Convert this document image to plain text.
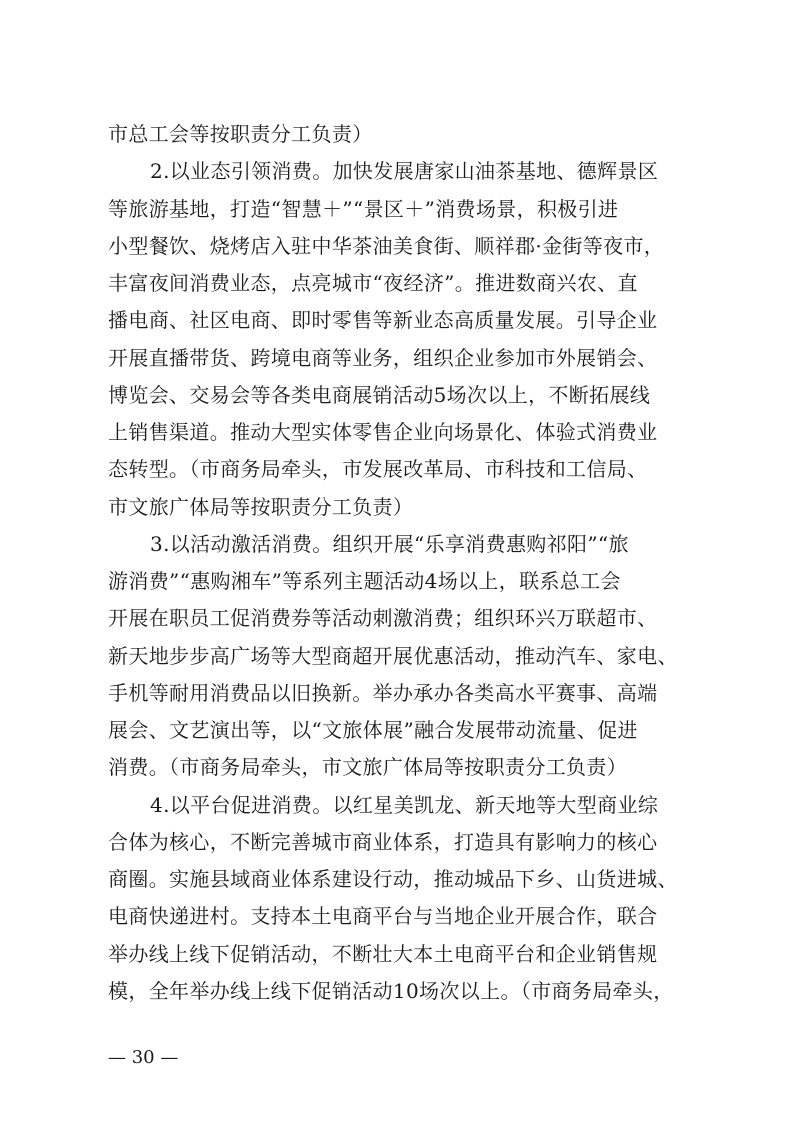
市总工会等按职责分工负责）
2.以业态引领消费。加快发展唐家山油茶基地、德辉景区
等旅游基地，打造“智慧＋”“景区＋”消费场景，积极引进
小型餐饮、烧烤店入驻中华茶油美食街、顺祥郡·金街等夜市，
丰富夜间消费业态，点亮城市“夜经济”。推进数商兴农、直
播电商、社区电商、即时零售等新业态高质量发展。引导企业
开展直播带货、跨境电商等业务，组织企业参加市外展销会、
博览会、交易会等各类电商展销活动5场次以上，不断拓展线
上销售渠道。推动大型实体零售企业向场景化、体验式消费业
态转型。（市商务局牵头，市发展改革局、市科技和工信局、
市文旅广体局等按职责分工负责）
3.以活动激活消费。组织开展“乐享消费惠购祁阳”“旅
游消费”“惠购湘车”等系列主题活动4场以上，联系总工会
开展在职员工促消费券等活动刺激消费；组织环兴万联超市、
新天地步步高广场等大型商超开展优惠活动，推动汽车、家电、
手机等耐用消费品以旧换新。举办承办各类高水平赛事、高端
展会、文艺演出等，以“文旅体展”融合发展带动流量、促进
消费。（市商务局牵头，市文旅广体局等按职责分工负责）
4.以平台促进消费。以红星美凯龙、新天地等大型商业综
合体为核心，不断完善城市商业体系，打造具有影响力的核心
商圈。实施县域商业体系建设行动，推动城品下乡、山货进城、
电商快递进村。支持本土电商平台与当地企业开展合作，联合
举办线上线下促销活动，不断壮大本土电商平台和企业销售规
模，全年举办线上线下促销活动10场次以上。（市商务局牵头，
— 30 —
